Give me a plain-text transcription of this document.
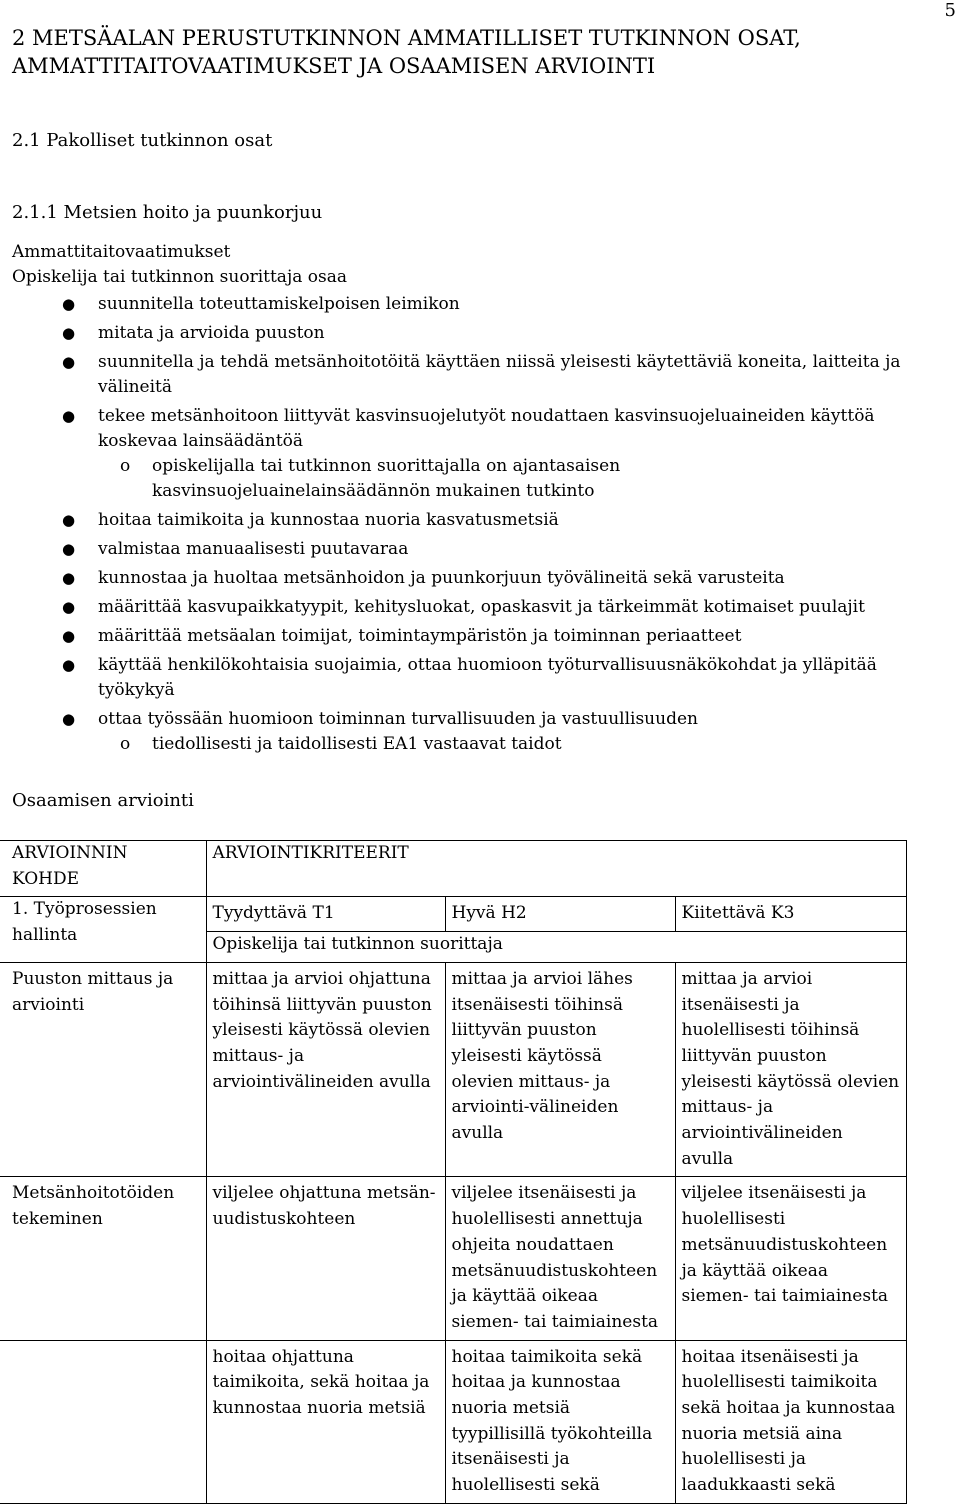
5
2 METSÄALAN PERUSTUTKINNON AMMATILLISET TUTKINNON OSAT, AMMATTITAITOVAATIMUKSET JA OSAAMISEN ARVIOINTI
2.1 Pakolliset tutkinnon osat
2.1.1 Metsien hoito ja puunkorjuu

Ammattitaitovaatimukset

Opiskelija tai tutkinnon suorittaja osaa

● suunnitella toteuttamiskelpoisen leimikon
● mitata ja arvioida puuston
● suunnitella ja tehdä metsänhoitotöitä käyttäen niissä yleisesti käytettäviä koneita, laitteita ja välineitä
● tekee metsänhoitoon liittyvät kasvinsuojelutyöt noudattaen kasvinsuojeluaineiden käyttöä koskevaa lainsäädäntöä
o opiskelijalla tai tutkinnon suorittajalla on ajantasaisen kasvinsuojeluainelainsäädännön mukainen tutkinto
● hoitaa taimikoita ja kunnostaa nuoria kasvatusmetsiä
● valmistaa manuaalisesti puutavaraa
● kunnostaa ja huoltaa metsänhoidon ja puunkorjuun työvälineitä sekä varusteita
● määrittää kasvupaikkatyypit, kehitysluokat, opaskasvit ja tärkeimmät kotimaiset puulajit
● määrittää metsäalan toimijat, toimintaympäristön ja toiminnan periaatteet
● käyttää henkilökohtaisia suojaimia, ottaa huomioon työturvallisuusnäkökohdat ja ylläpitää työkykyä
● ottaa työssään huomioon toiminnan turvallisuuden ja vastuullisuuden
o tiedollisesti ja taidollisesti EA1 vastaavat taidot
Osaamisen arviointi
ARVIOINNIN KOHDE	ARVIOINTIKRITEERIT		
1. Työprosessien hallinta	Tyydyttävä T1	Hyvä H2	Kiitettävä K3
	Opiskelija tai tutkinnon suorittaja		
Puuston mittaus ja arviointi	mittaa ja arvioi ohjattuna töihinsä liittyvän puuston yleisesti käytössä olevien mittaus- ja arviointivälineiden avulla	mittaa ja arvioi lähes itsenäisesti töihinsä liittyvän puuston yleisesti käytössä olevien mittaus- ja arviointi-välineiden avulla	mittaa ja arvioi itsenäisesti ja huolellisesti töihinsä liittyvän puuston yleisesti käytössä olevien mittaus- ja arviointivälineiden avulla
Metsänhoitotöiden tekeminen	viljelee ohjattuna metsän-uudistuskohteen	viljelee itsenäisesti ja huolellisesti annettuja ohjeita noudattaen metsänuudistuskohteen ja käyttää oikeaa siemen- tai taimiainesta	viljelee itsenäisesti ja huolellisesti metsänuudistuskohteen ja käyttää oikeaa siemen- tai taimiainesta
	hoitaa ohjattuna taimikoita, sekä hoitaa ja kunnostaa nuoria metsiä	hoitaa taimikoita sekä hoitaa ja kunnostaa nuoria metsiä tyypillisillä työkohteilla itsenäisesti ja huolellisesti sekä	hoitaa itsenäisesti ja huolellisesti taimikoita sekä hoitaa ja kunnostaa nuoria metsiä aina huolellisesti ja laadukkaasti sekä
